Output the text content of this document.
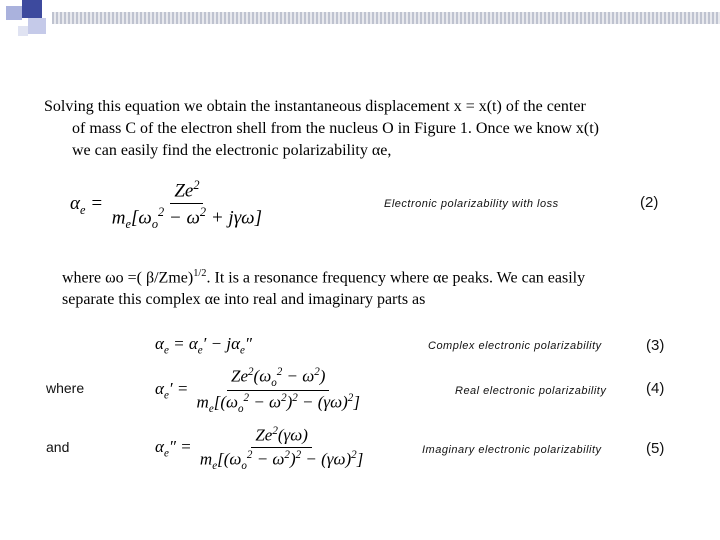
Solving this equation we obtain the instantaneous displacement x = x(t) of the center
of mass C of the electron shell from the nucleus O in Figure 1. Once we know x(t)
we can easily find the electronic polarizability αe,
$\alpha_e = \frac{Ze^2}{m_e[\omega_o^2 - \omega^2 + j\gamma\omega]}$	Electronic polarizability with loss	(2)
where ωo =( β/Zme)$^{1/2}$. It is a resonance frequency where αe peaks. We can easily
separate this complex αe into real and imaginary parts as
$\alpha_e = \alpha_e' - j\alpha_e''$	Complex electronic polarizability	(3)
where	$\alpha_e' = \frac{Ze^2(\omega_o^2 - \omega^2)}{m_e[(\omega_o^2 - \omega^2)^2 - (\gamma\omega)^2]}$	Real electronic polarizability	(4)
and	$\alpha_e'' = \frac{Ze^2(\gamma\omega)}{m_e[(\omega_o^2 - \omega^2)^2 - (\gamma\omega)^2]}$	Imaginary electronic polarizability	(5)
